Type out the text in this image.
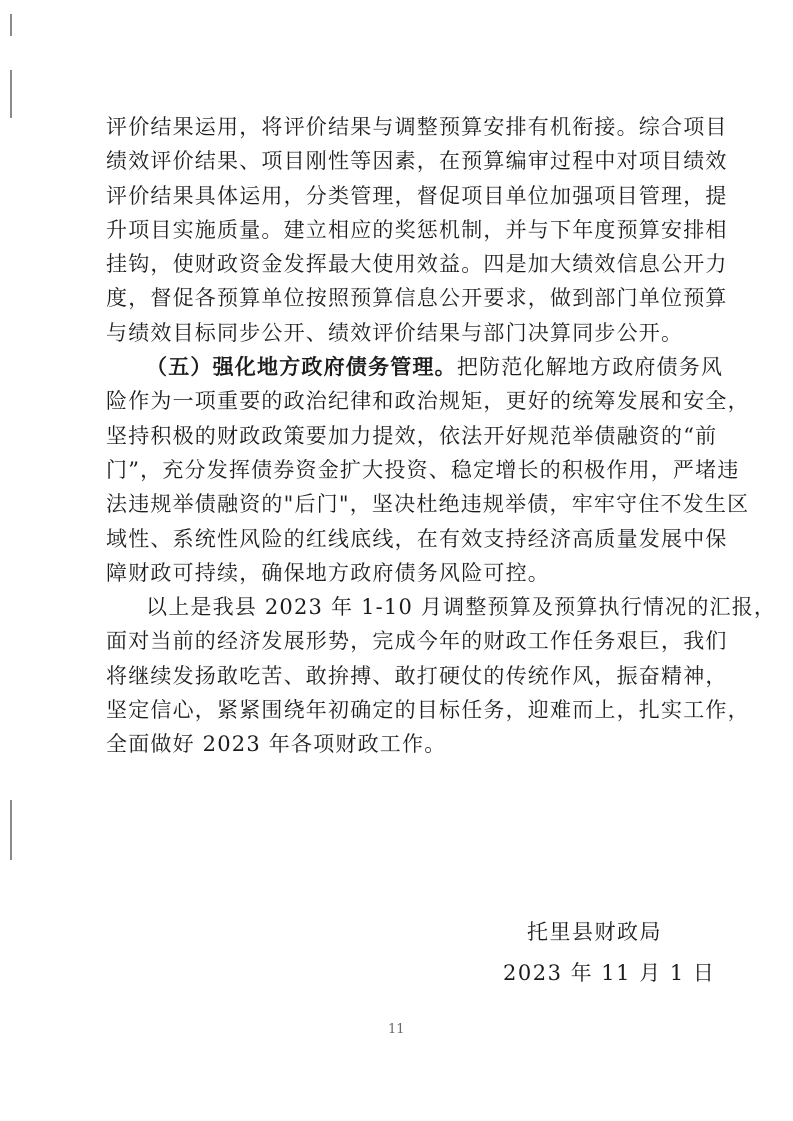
评价结果运用，将评价结果与调整预算安排有机衔接。综合项目
绩效评价结果、项目刚性等因素，在预算编审过程中对项目绩效
评价结果具体运用，分类管理，督促项目单位加强项目管理，提
升项目实施质量。建立相应的奖惩机制，并与下年度预算安排相
挂钩，使财政资金发挥最大使用效益。四是加大绩效信息公开力
度，督促各预算单位按照预算信息公开要求，做到部门单位预算
与绩效目标同步公开、绩效评价结果与部门决算同步公开。
（五）强化地方政府债务管理。把防范化解地方政府债务风
险作为一项重要的政治纪律和政治规矩，更好的统筹发展和安全，
坚持积极的财政政策要加力提效，依法开好规范举债融资的“前
门”，充分发挥债券资金扩大投资、稳定增长的积极作用，严堵违
法违规举债融资的"后门"，坚决杜绝违规举债，牢牢守住不发生区
域性、系统性风险的红线底线，在有效支持经济高质量发展中保
障财政可持续，确保地方政府债务风险可控。
以上是我县 2023 年 1-10 月调整预算及预算执行情况的汇报，
面对当前的经济发展形势，完成今年的财政工作任务艰巨，我们
将继续发扬敢吃苦、敢拚搏、敢打硬仗的传统作风，振奋精神，
坚定信心，紧紧围绕年初确定的目标任务，迎难而上，扎实工作，
全面做好 2023 年各项财政工作。
托里县财政局
2023 年 11 月 1 日
11
